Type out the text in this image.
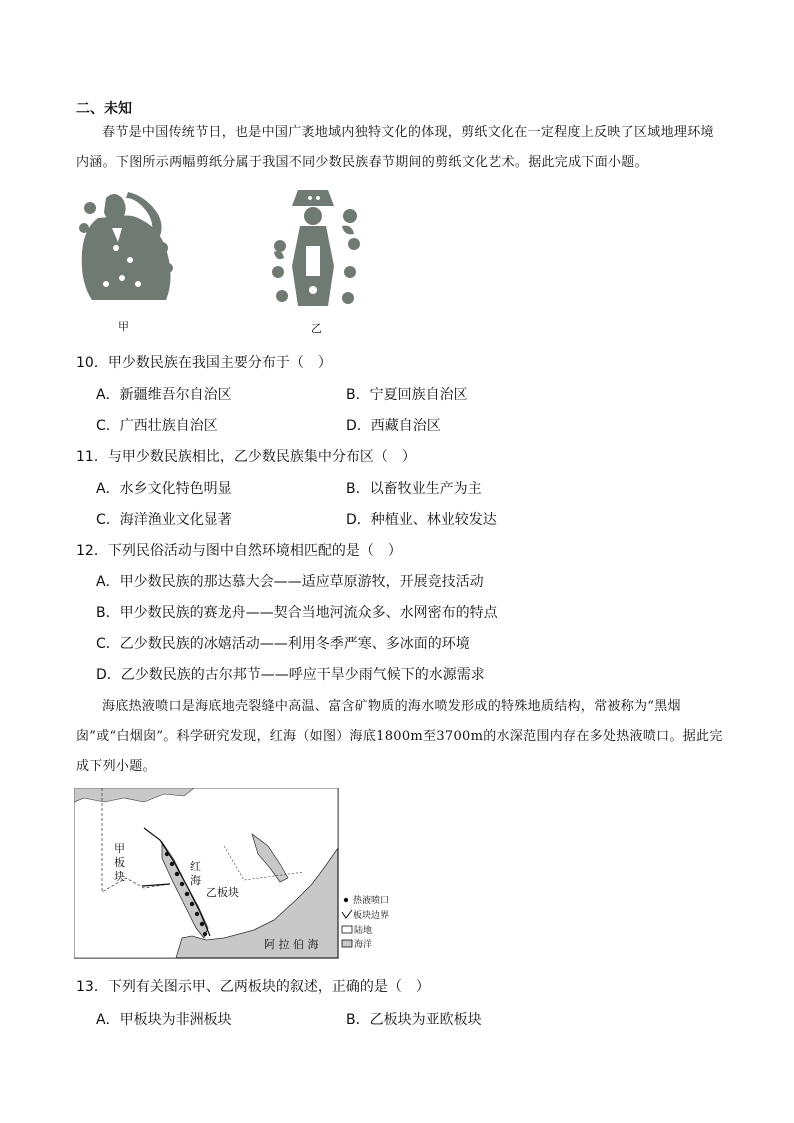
二、未知
春节是中国传统节日，也是中国广袤地域内独特文化的体现，剪纸文化在一定程度上反映了区域地理环境内涵。下图所示两幅剪纸分属于我国不同少数民族春节期间的剪纸文化艺术。据此完成下面小题。
甲	乙
10．甲少数民族在我国主要分布于（　）
A．新疆维吾尔自治区	B．宁夏回族自治区
C．广西壮族自治区	D．西藏自治区
11．与甲少数民族相比，乙少数民族集中分布区（　）
A．水乡文化特色明显	B．以畜牧业生产为主
C．海洋渔业文化显著	D．种植业、林业较发达
12．下列民俗活动与图中自然环境相匹配的是（　）
A．甲少数民族的那达慕大会——适应草原游牧，开展竞技活动
B．甲少数民族的赛龙舟——契合当地河流众多、水网密布的特点
C．乙少数民族的冰嬉活动——利用冬季严寒、多冰面的环境
D．乙少数民族的古尔邦节——呼应干旱少雨气候下的水源需求
海底热液喷口是海底地壳裂缝中高温、富含矿物质的海水喷发形成的特殊地质结构，常被称为“黑烟囱”或“白烟囱”。科学研究发现，红海（如图）海底1800m至3700m的水深范围内存在多处热液喷口。据此完成下列小题。
甲
板
块
红
海
乙板块
阿 拉 伯 海
热液喷口
板块边界
陆地
海洋
13．下列有关图示甲、乙两板块的叙述，正确的是（　）
A．甲板块为非洲板块	B．乙板块为亚欧板块
